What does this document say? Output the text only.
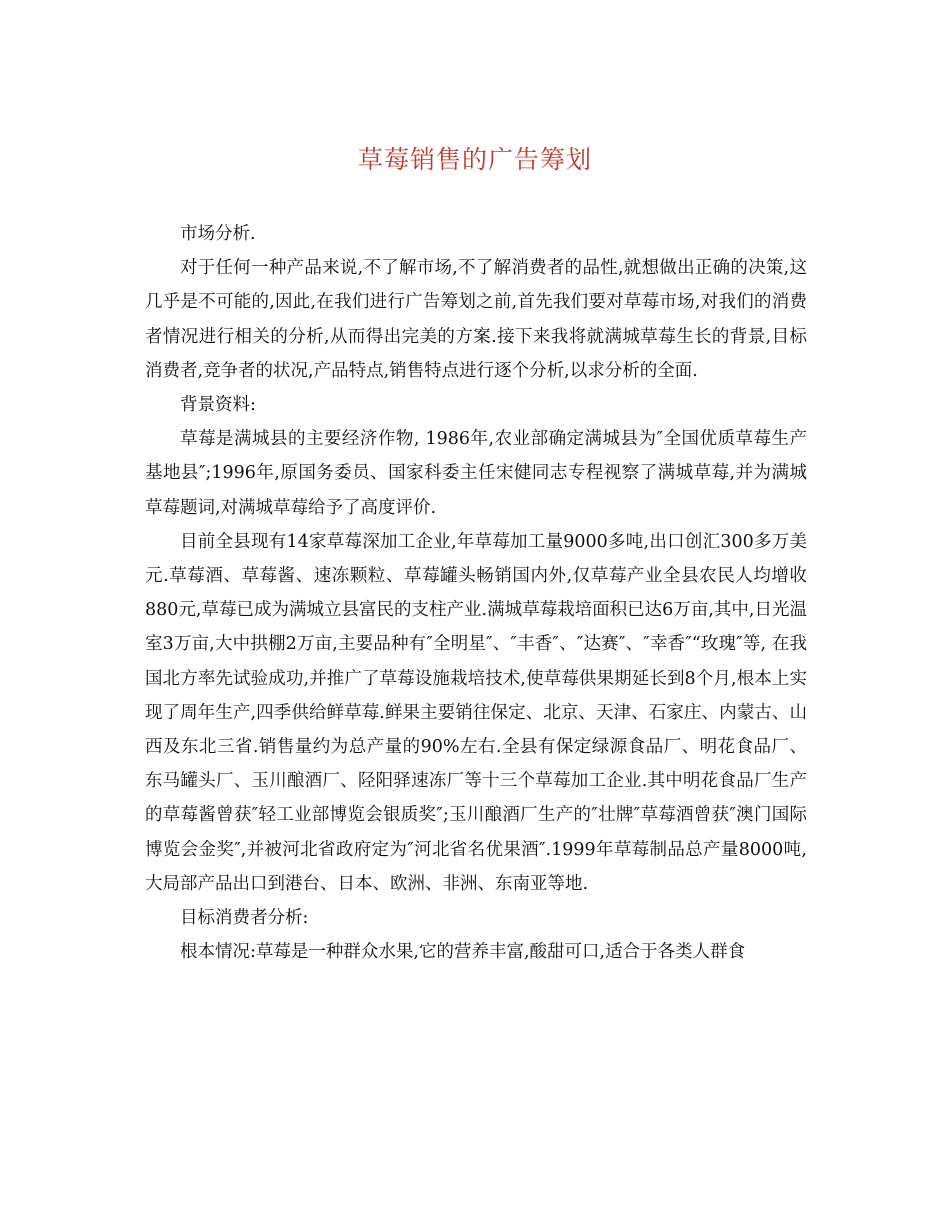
草莓销售的广告筹划

市场分析.

对于任何一种产品来说,不了解市场,不了解消费者的品性,就想做出正确的决策,这几乎是不可能的,因此,在我们进行广告筹划之前,首先我们要对草莓市场,对我们的消费者情况进行相关的分析,从而得出完美的方案.接下来我将就满城草莓生长的背景,目标消费者,竞争者的状况,产品特点,销售特点进行逐个分析,以求分析的全面.

背景资料:

草莓是满城县的主要经济作物, 1986年,农业部确定满城县为″全国优质草莓生产基地县″;1996年,原国务委员、国家科委主任宋健同志专程视察了满城草莓,并为满城草莓题词,对满城草莓给予了高度评价.

目前全县现有14家草莓深加工企业,年草莓加工量9000多吨,出口创汇300多万美元.草莓酒、草莓酱、速冻颗粒、草莓罐头畅销国内外,仅草莓产业全县农民人均增收880元,草莓已成为满城立县富民的支柱产业.满城草莓栽培面积已达6万亩,其中,日光温室3万亩,大中拱棚2万亩,主要品种有″全明星″、″丰香″、″达赛″、″幸香″“玫瑰″等, 在我国北方率先试验成功,并推广了草莓设施栽培技术,使草莓供果期延长到8个月,根本上实现了周年生产,四季供给鲜草莓.鲜果主要销往保定、北京、天津、石家庄、内蒙古、山西及东北三省.销售量约为总产量的90%左右.全县有保定绿源食品厂、明花食品厂、东马罐头厂、玉川酿酒厂、陉阳驿速冻厂等十三个草莓加工企业.其中明花食品厂生产的草莓酱曾获″轻工业部博览会银质奖″;玉川酿酒厂生产的″壮牌″草莓酒曾获″澳门国际博览会金奖″,并被河北省政府定为″河北省名优果酒″.1999年草莓制品总产量8000吨,大局部产品出口到港台、日本、欧洲、非洲、东南亚等地.

目标消费者分析:

根本情况:草莓是一种群众水果,它的营养丰富,酸甜可口,适合于各类人群食
